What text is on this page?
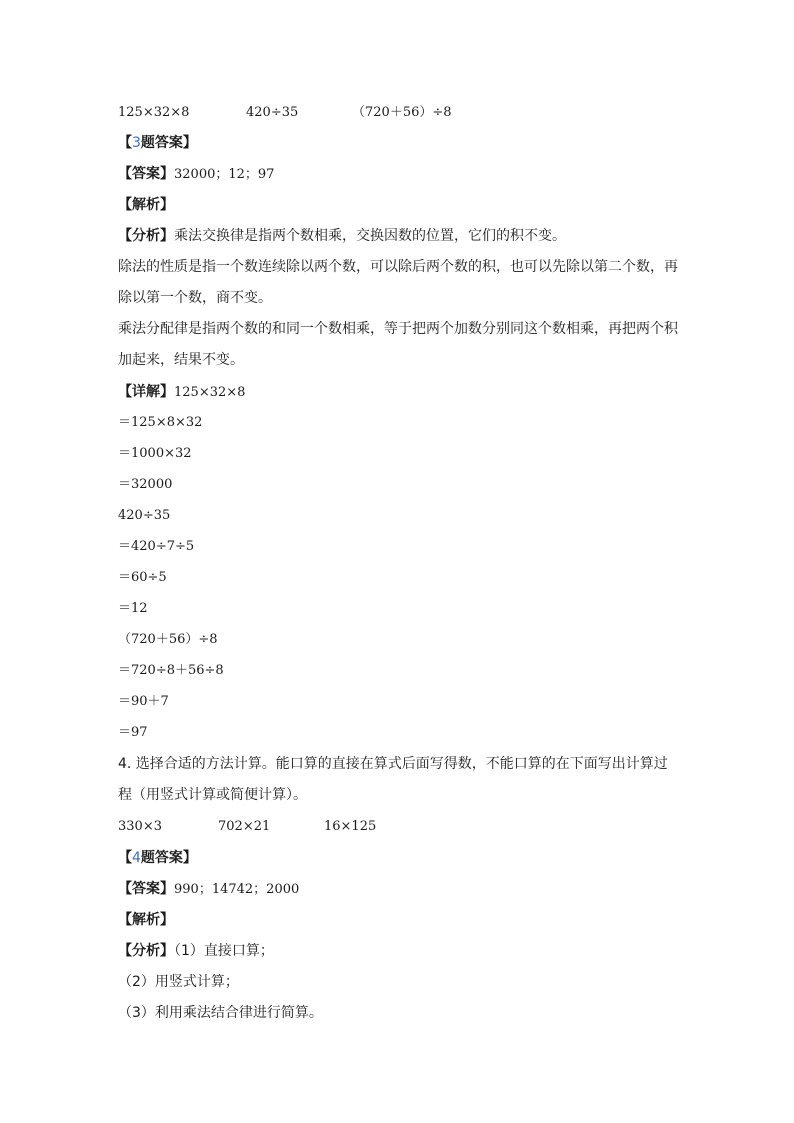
125×32×8	420÷35	（720＋56）÷8
【3题答案】
【答案】32000；12；97
【解析】
【分析】乘法交换律是指两个数相乘，交换因数的位置，它们的积不变。
除法的性质是指一个数连续除以两个数，可以除后两个数的积，也可以先除以第二个数，再
除以第一个数，商不变。
乘法分配律是指两个数的和同一个数相乘，等于把两个加数分别同这个数相乘，再把两个积
加起来，结果不变。
【详解】125×32×8
＝125×8×32
＝1000×32
＝32000
420÷35
＝420÷7÷5
＝60÷5
＝12
（720＋56）÷8
＝720÷8＋56÷8
＝90＋7
＝97
4. 选择合适的方法计算。能口算的直接在算式后面写得数，不能口算的在下面写出计算过
程（用竖式计算或简便计算）。
330×3	702×21	16×125
【4题答案】
【答案】990；14742；2000
【解析】
【分析】（1）直接口算；
（2）用竖式计算；
（3）利用乘法结合律进行简算。
